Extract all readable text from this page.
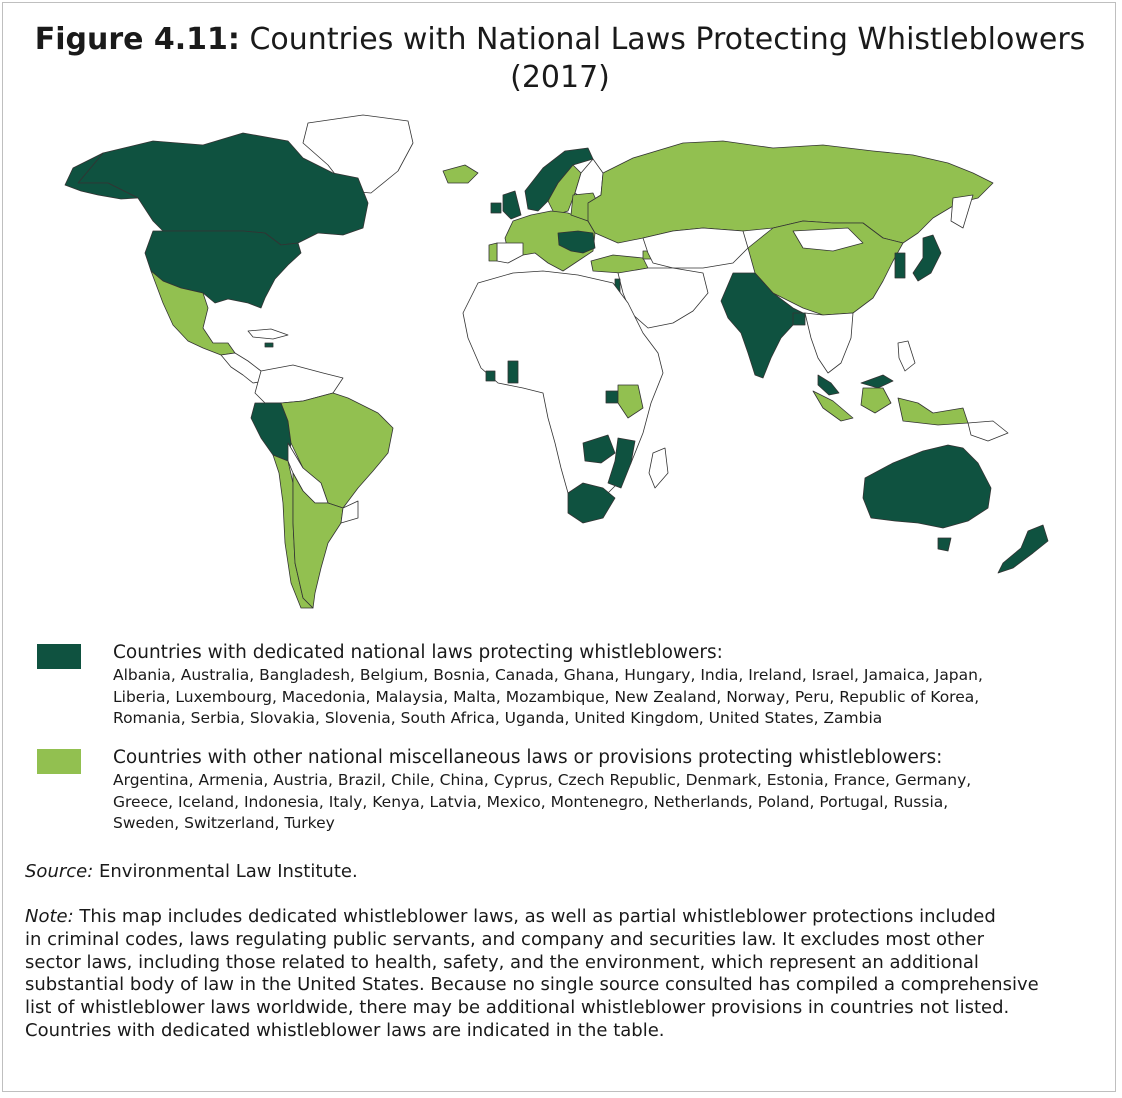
Figure 4.11: Countries with National Laws Protecting Whistleblowers
(2017)
Countries with dedicated national laws protecting whistleblowers:
Albania, Australia, Bangladesh, Belgium, Bosnia, Canada, Ghana, Hungary, India, Ireland, Israel, Jamaica, Japan,
Liberia, Luxembourg, Macedonia, Malaysia, Malta, Mozambique, New Zealand, Norway, Peru, Republic of Korea,
Romania, Serbia, Slovakia, Slovenia, South Africa, Uganda, United Kingdom, United States, Zambia
Countries with other national miscellaneous laws or provisions protecting whistleblowers:
Argentina, Armenia, Austria, Brazil, Chile, China, Cyprus, Czech Republic, Denmark, Estonia, France, Germany,
Greece, Iceland, Indonesia, Italy, Kenya, Latvia, Mexico, Montenegro, Netherlands, Poland, Portugal, Russia,
Sweden, Switzerland, Turkey
Source: Environmental Law Institute.
Note: This map includes dedicated whistleblower laws, as well as partial whistleblower protections included
in criminal codes, laws regulating public servants, and company and securities law. It excludes most other
sector laws, including those related to health, safety, and the environment, which represent an additional
substantial body of law in the United States. Because no single source consulted has compiled a comprehensive
list of whistleblower laws worldwide, there may be additional whistleblower provisions in countries not listed.
Countries with dedicated whistleblower laws are indicated in the table.
